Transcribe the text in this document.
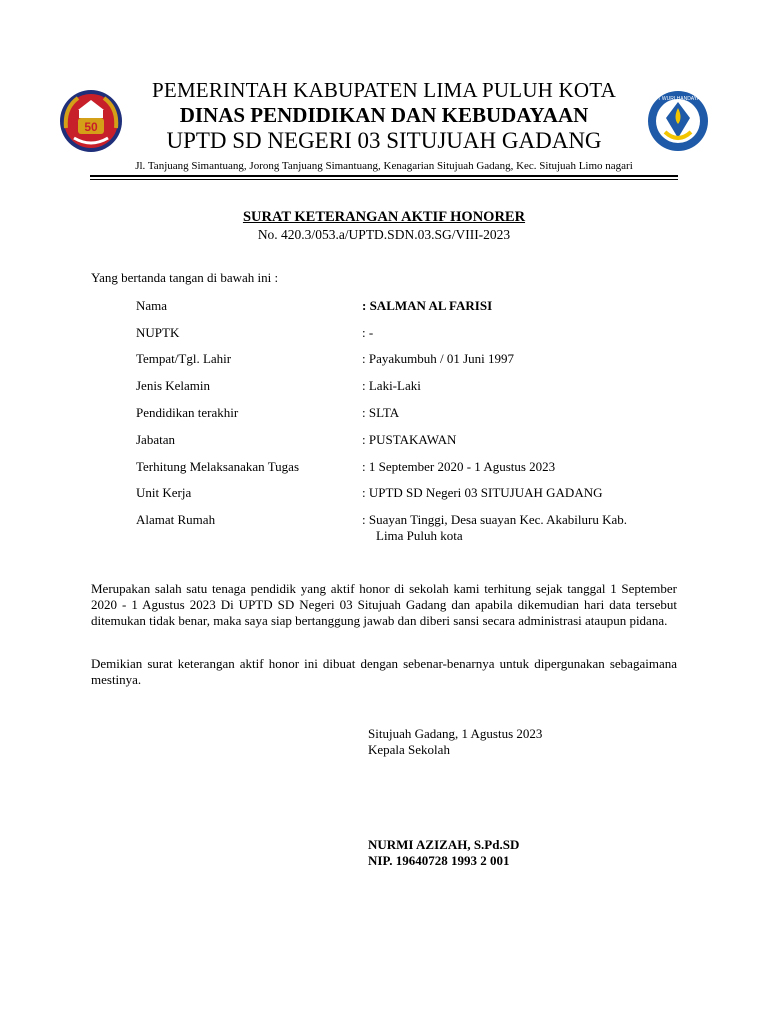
50
TUT WURI HANDAYANI
PEMERINTAH KABUPATEN LIMA PULUH KOTA
DINAS PENDIDIKAN DAN KEBUDAYAAN
UPTD SD NEGERI 03 SITUJUAH GADANG
Jl. Tanjuang Simantuang, Jorong Tanjuang Simantuang, Kenagarian Situjuah Gadang, Kec. Situjuah Limo nagari
SURAT KETERANGAN AKTIF HONORER
No. 420.3/053.a/UPTD.SDN.03.SG/VIII-2023
Yang bertanda tangan di bawah ini :
Nama	: SALMAN AL FARISI
NUPTK	: -
Tempat/Tgl. Lahir	: Payakumbuh / 01 Juni 1997
Jenis Kelamin	: Laki-Laki
Pendidikan terakhir	: SLTA
Jabatan	: PUSTAKAWAN
Terhitung Melaksanakan Tugas	: 1 September 2020 - 1 Agustus 2023
Unit Kerja	: UPTD SD Negeri 03 SITUJUAH GADANG
Alamat Rumah	: Suayan Tinggi, Desa suayan Kec. Akabiluru Kab.
Lima Puluh kota
Merupakan salah satu tenaga pendidik yang aktif honor di sekolah kami terhitung sejak tanggal 1 September 2020 - 1 Agustus 2023 Di UPTD SD Negeri 03 Situjuah Gadang dan apabila dikemudian hari data tersebut ditemukan tidak benar, maka saya siap bertanggung jawab dan diberi sansi secara administrasi ataupun pidana.
Demikian surat keterangan aktif honor ini dibuat dengan sebenar-benarnya untuk dipergunakan sebagaimana mestinya.
Situjuah Gadang, 1 Agustus 2023
Kepala Sekolah
NURMI AZIZAH, S.Pd.SD
NIP. 19640728 1993 2 001
